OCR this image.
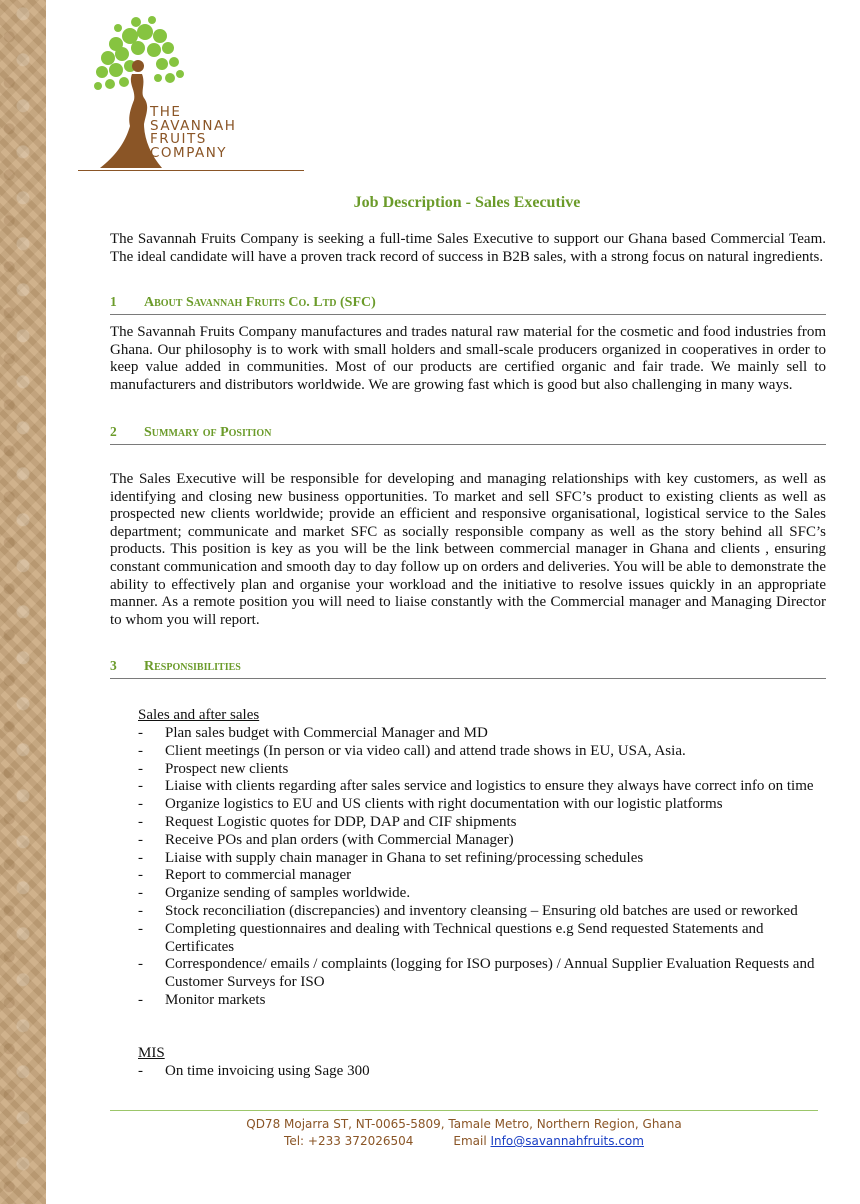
THE
SAVANNAH
FRUITS
COMPANY
Job Description - Sales Executive
The Savannah Fruits Company is seeking a full-time Sales Executive to support our Ghana based Commercial Team. The ideal candidate will have a proven track record of success in B2B sales, with a strong focus on natural ingredients.
1 About Savannah Fruits Co. Ltd (SFC)
The Savannah Fruits Company manufactures and trades natural raw material for the cosmetic and food industries from Ghana. Our philosophy is to work with small holders and small-scale producers organized in cooperatives in order to keep value added in communities. Most of our products are certified organic and fair trade. We mainly sell to manufacturers and distributors worldwide. We are growing fast which is good but also challenging in many ways.
2 Summary of Position
The Sales Executive will be responsible for developing and managing relationships with key customers, as well as identifying and closing new business opportunities. To market and sell SFC’s product to existing clients as well as prospected new clients worldwide; provide an efficient and responsive organisational, logistical service to the Sales department; communicate and market SFC as socially responsible company as well as the story behind all SFC’s products. This position is key as you will be the link between commercial manager in Ghana and clients , ensuring constant communication and smooth day to day follow up on orders and deliveries. You will be able to demonstrate the ability to effectively plan and organise your workload and the initiative to resolve issues quickly in an appropriate manner. As a remote position you will need to liaise constantly with the Commercial manager and Managing Director to whom you will report.
3 Responsibilities
Sales and after sales
- Plan sales budget with Commercial Manager and MD
- Client meetings (In person or via video call) and attend trade shows in EU, USA, Asia.
- Prospect new clients
- Liaise with clients regarding after sales service and logistics to ensure they always have correct info on time
- Organize logistics to EU and US clients with right documentation with our logistic platforms
- Request Logistic quotes for DDP, DAP and CIF shipments
- Receive POs and plan orders (with Commercial Manager)
- Liaise with supply chain manager in Ghana to set refining/processing schedules
- Report to commercial manager
- Organize sending of samples worldwide.
- Stock reconciliation (discrepancies) and inventory cleansing – Ensuring old batches are used or reworked
- Completing questionnaires and dealing with Technical questions e.g Send requested Statements and Certificates
- Correspondence/ emails / complaints (logging for ISO purposes) / Annual Supplier Evaluation Requests and Customer Surveys for ISO
- Monitor markets
MIS
- On time invoicing using Sage 300
QD78 Mojarra ST, NT-0065-5809, Tamale Metro, Northern Region, Ghana
Tel: +233 372026504	Email Info@savannahfruits.com
